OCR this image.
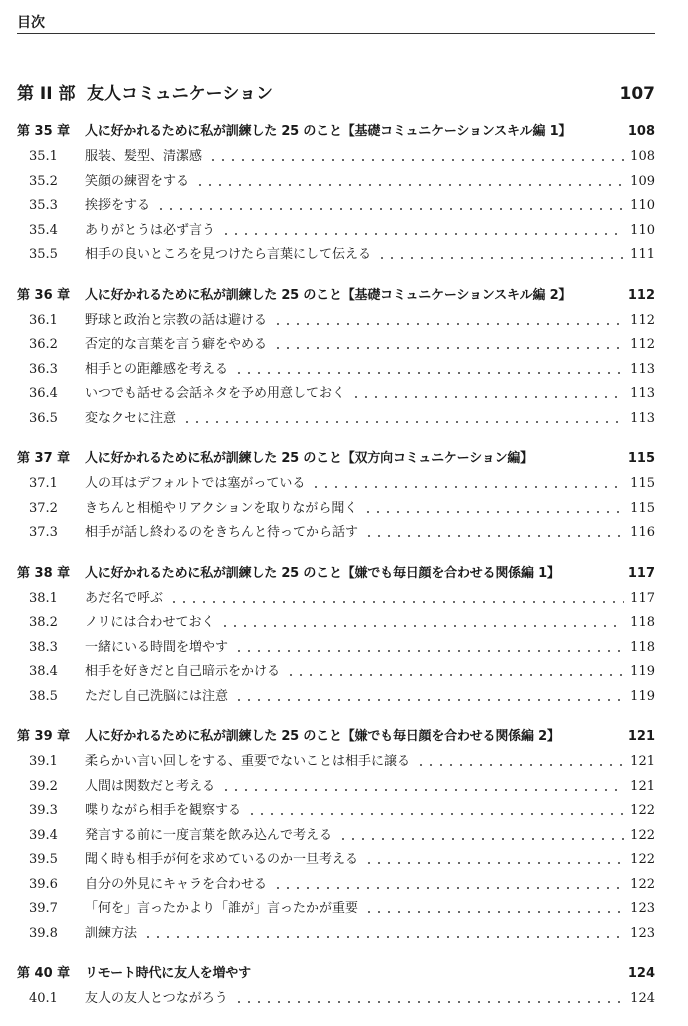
目次
第 II 部 友人コミュニケーション	107
第 35 章	人に好かれるために私が訓練した 25 のこと【基礎コミュニケーションスキル編 1】	108
35.1	服装、髪型、清潔感	108
35.2	笑顔の練習をする	109
35.3	挨拶をする	110
35.4	ありがとうは必ず言う	110
35.5	相手の良いところを見つけたら言葉にして伝える	111
第 36 章	人に好かれるために私が訓練した 25 のこと【基礎コミュニケーションスキル編 2】	112
36.1	野球と政治と宗教の話は避ける	112
36.2	否定的な言葉を言う癖をやめる	112
36.3	相手との距離感を考える	113
36.4	いつでも話せる会話ネタを予め用意しておく	113
36.5	変なクセに注意	113
第 37 章	人に好かれるために私が訓練した 25 のこと【双方向コミュニケーション編】	115
37.1	人の耳はデフォルトでは塞がっている	115
37.2	きちんと相槌やリアクションを取りながら聞く	115
37.3	相手が話し終わるのをきちんと待ってから話す	116
第 38 章	人に好かれるために私が訓練した 25 のこと【嫌でも毎日顔を合わせる関係編 1】	117
38.1	あだ名で呼ぶ	117
38.2	ノリには合わせておく	118
38.3	一緒にいる時間を増やす	118
38.4	相手を好きだと自己暗示をかける	119
38.5	ただし自己洗脳には注意	119
第 39 章	人に好かれるために私が訓練した 25 のこと【嫌でも毎日顔を合わせる関係編 2】	121
39.1	柔らかい言い回しをする、重要でないことは相手に譲る	121
39.2	人間は関数だと考える	121
39.3	喋りながら相手を観察する	122
39.4	発言する前に一度言葉を飲み込んで考える	122
39.5	聞く時も相手が何を求めているのか一旦考える	122
39.6	自分の外見にキャラを合わせる	122
39.7	「何を」言ったかより「誰が」言ったかが重要	123
39.8	訓練方法	123
第 40 章	リモート時代に友人を増やす	124
40.1	友人の友人とつながろう	124
